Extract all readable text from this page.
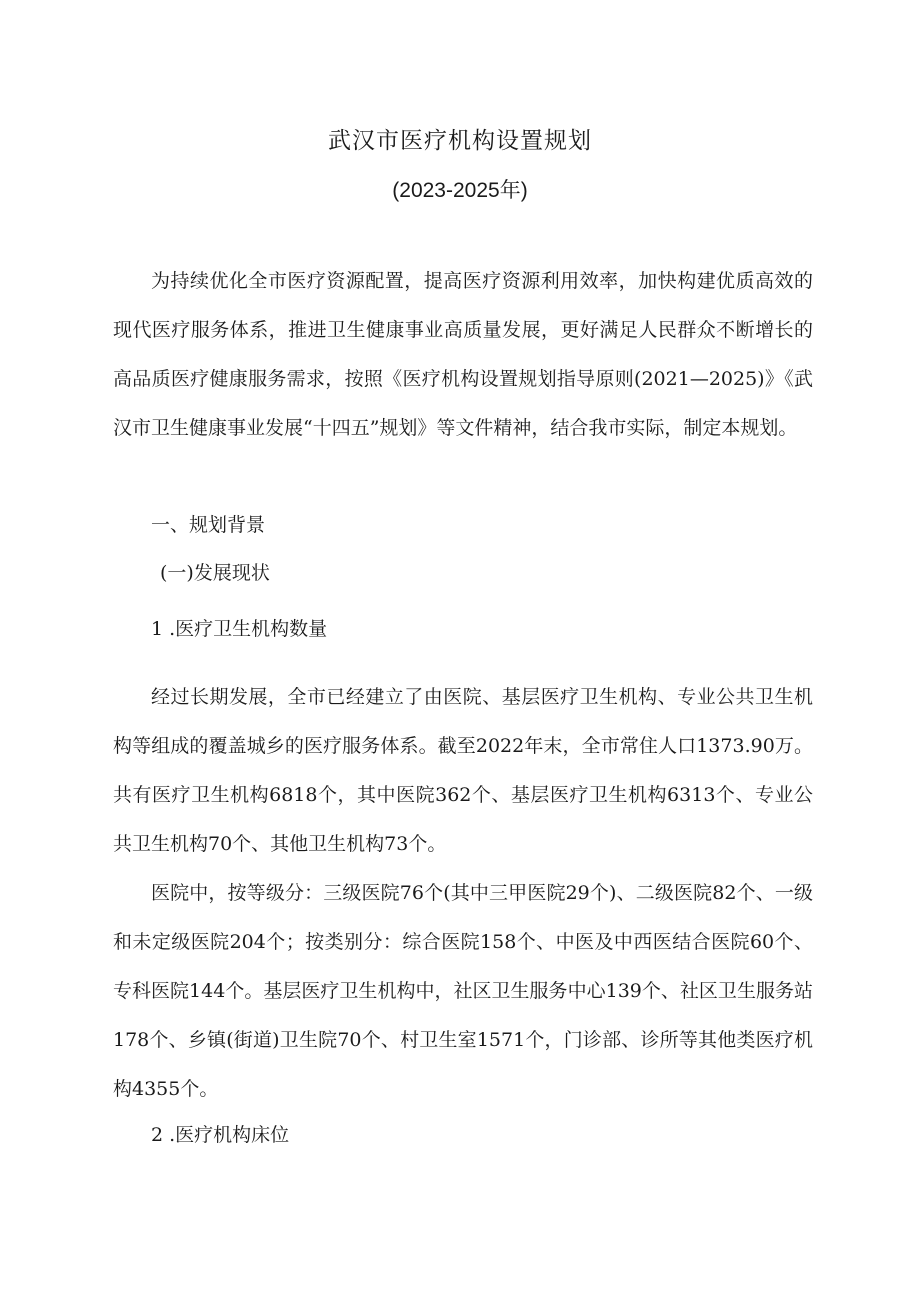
武汉市医疗机构设置规划
(2023-2025年)

为持续优化全市医疗资源配置，提高医疗资源利用效率，加快构建优质高效的现代医疗服务体系，推进卫生健康事业高质量发展，更好满足人民群众不断增长的高品质医疗健康服务需求，按照《医疗机构设置规划指导原则(2021—2025)》《武汉市卫生健康事业发展“十四五”规划》等文件精神，结合我市实际，制定本规划。

一、规划背景

(一)发展现状

1 .医疗卫生机构数量

经过长期发展，全市已经建立了由医院、基层医疗卫生机构、专业公共卫生机构等组成的覆盖城乡的医疗服务体系。截至2022年末，全市常住人口1373.90万。共有医疗卫生机构6818个，其中医院362个、基层医疗卫生机构6313个、专业公共卫生机构70个、其他卫生机构73个。

医院中，按等级分：三级医院76个(其中三甲医院29个)、二级医院82个、一级和未定级医院204个；按类别分：综合医院158个、中医及中西医结合医院60个、专科医院144个。基层医疗卫生机构中，社区卫生服务中心139个、社区卫生服务站178个、乡镇(街道)卫生院70个、村卫生室1571个，门诊部、诊所等其他类医疗机构4355个。

2 .医疗机构床位
